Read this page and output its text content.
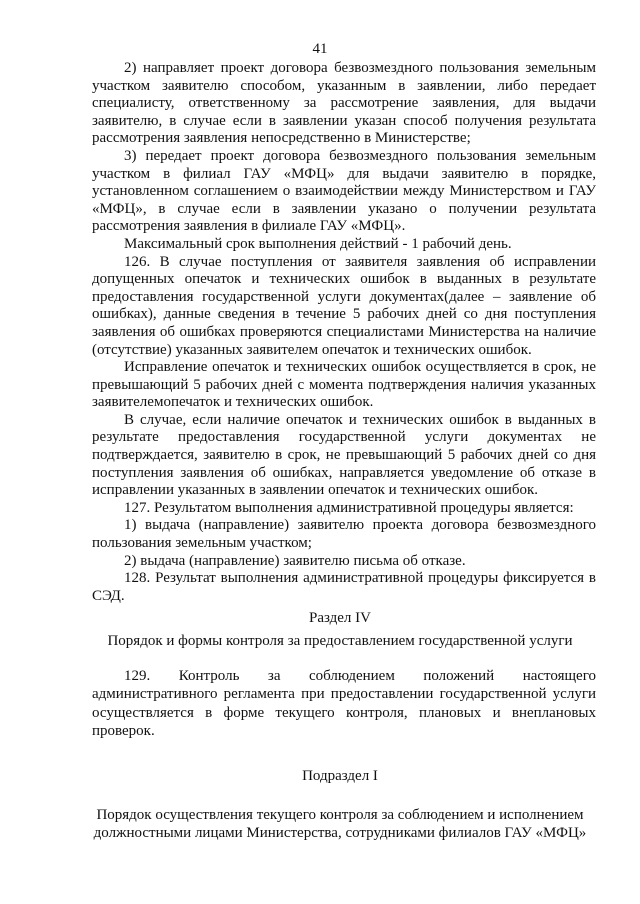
41

2) направляет проект договора безвозмездного пользования земельным участком заявителю способом, указанным в заявлении, либо передает специалисту, ответственному за рассмотрение заявления, для выдачи заявителю, в случае если в заявлении указан способ получения результата рассмотрения заявления непосредственно в Министерстве;

3) передает проект договора безвозмездного пользования земельным участком в филиал ГАУ «МФЦ» для выдачи заявителю в порядке, установленном соглашением о взаимодействии между Министерством и ГАУ «МФЦ», в случае если в заявлении указано о получении результата рассмотрения заявления в филиале ГАУ «МФЦ».

Максимальный срок выполнения действий - 1 рабочий день.

126. В случае поступления от заявителя заявления об исправлении допущенных опечаток и технических ошибок в выданных в результате предоставления государственной услуги документах(далее – заявление об ошибках), данные сведения в течение 5 рабочих дней со дня поступления заявления об ошибках проверяются специалистами Министерства на наличие (отсутствие) указанных заявителем опечаток и технических ошибок.

Исправление опечаток и технических ошибок осуществляется в срок, не превышающий 5 рабочих дней с момента подтверждения наличия указанных заявителемопечаток и технических ошибок.

В случае, если наличие опечаток и технических ошибок в выданных в результате предоставления государственной услуги документах не подтверждается, заявителю в срок, не превышающий 5 рабочих дней со дня поступления заявления об ошибках, направляется уведомление об отказе в исправлении указанных в заявлении опечаток и технических ошибок.

127. Результатом выполнения административной процедуры является:

1) выдача (направление) заявителю проекта договора безвозмездного пользования земельным участком;

2) выдача (направление) заявителю письма об отказе.

128. Результат выполнения административной процедуры фиксируется в СЭД.

Раздел IV
Порядок и формы контроля за предоставлением государственной услуги

129. Контроль за соблюдением положений настоящего административного регламента при предоставлении государственной услуги осуществляется в форме текущего контроля, плановых и внеплановых проверок.

Подраздел I
Порядок осуществления текущего контроля за соблюдением и исполнением должностными лицами Министерства, сотрудниками филиалов ГАУ «МФЦ»
